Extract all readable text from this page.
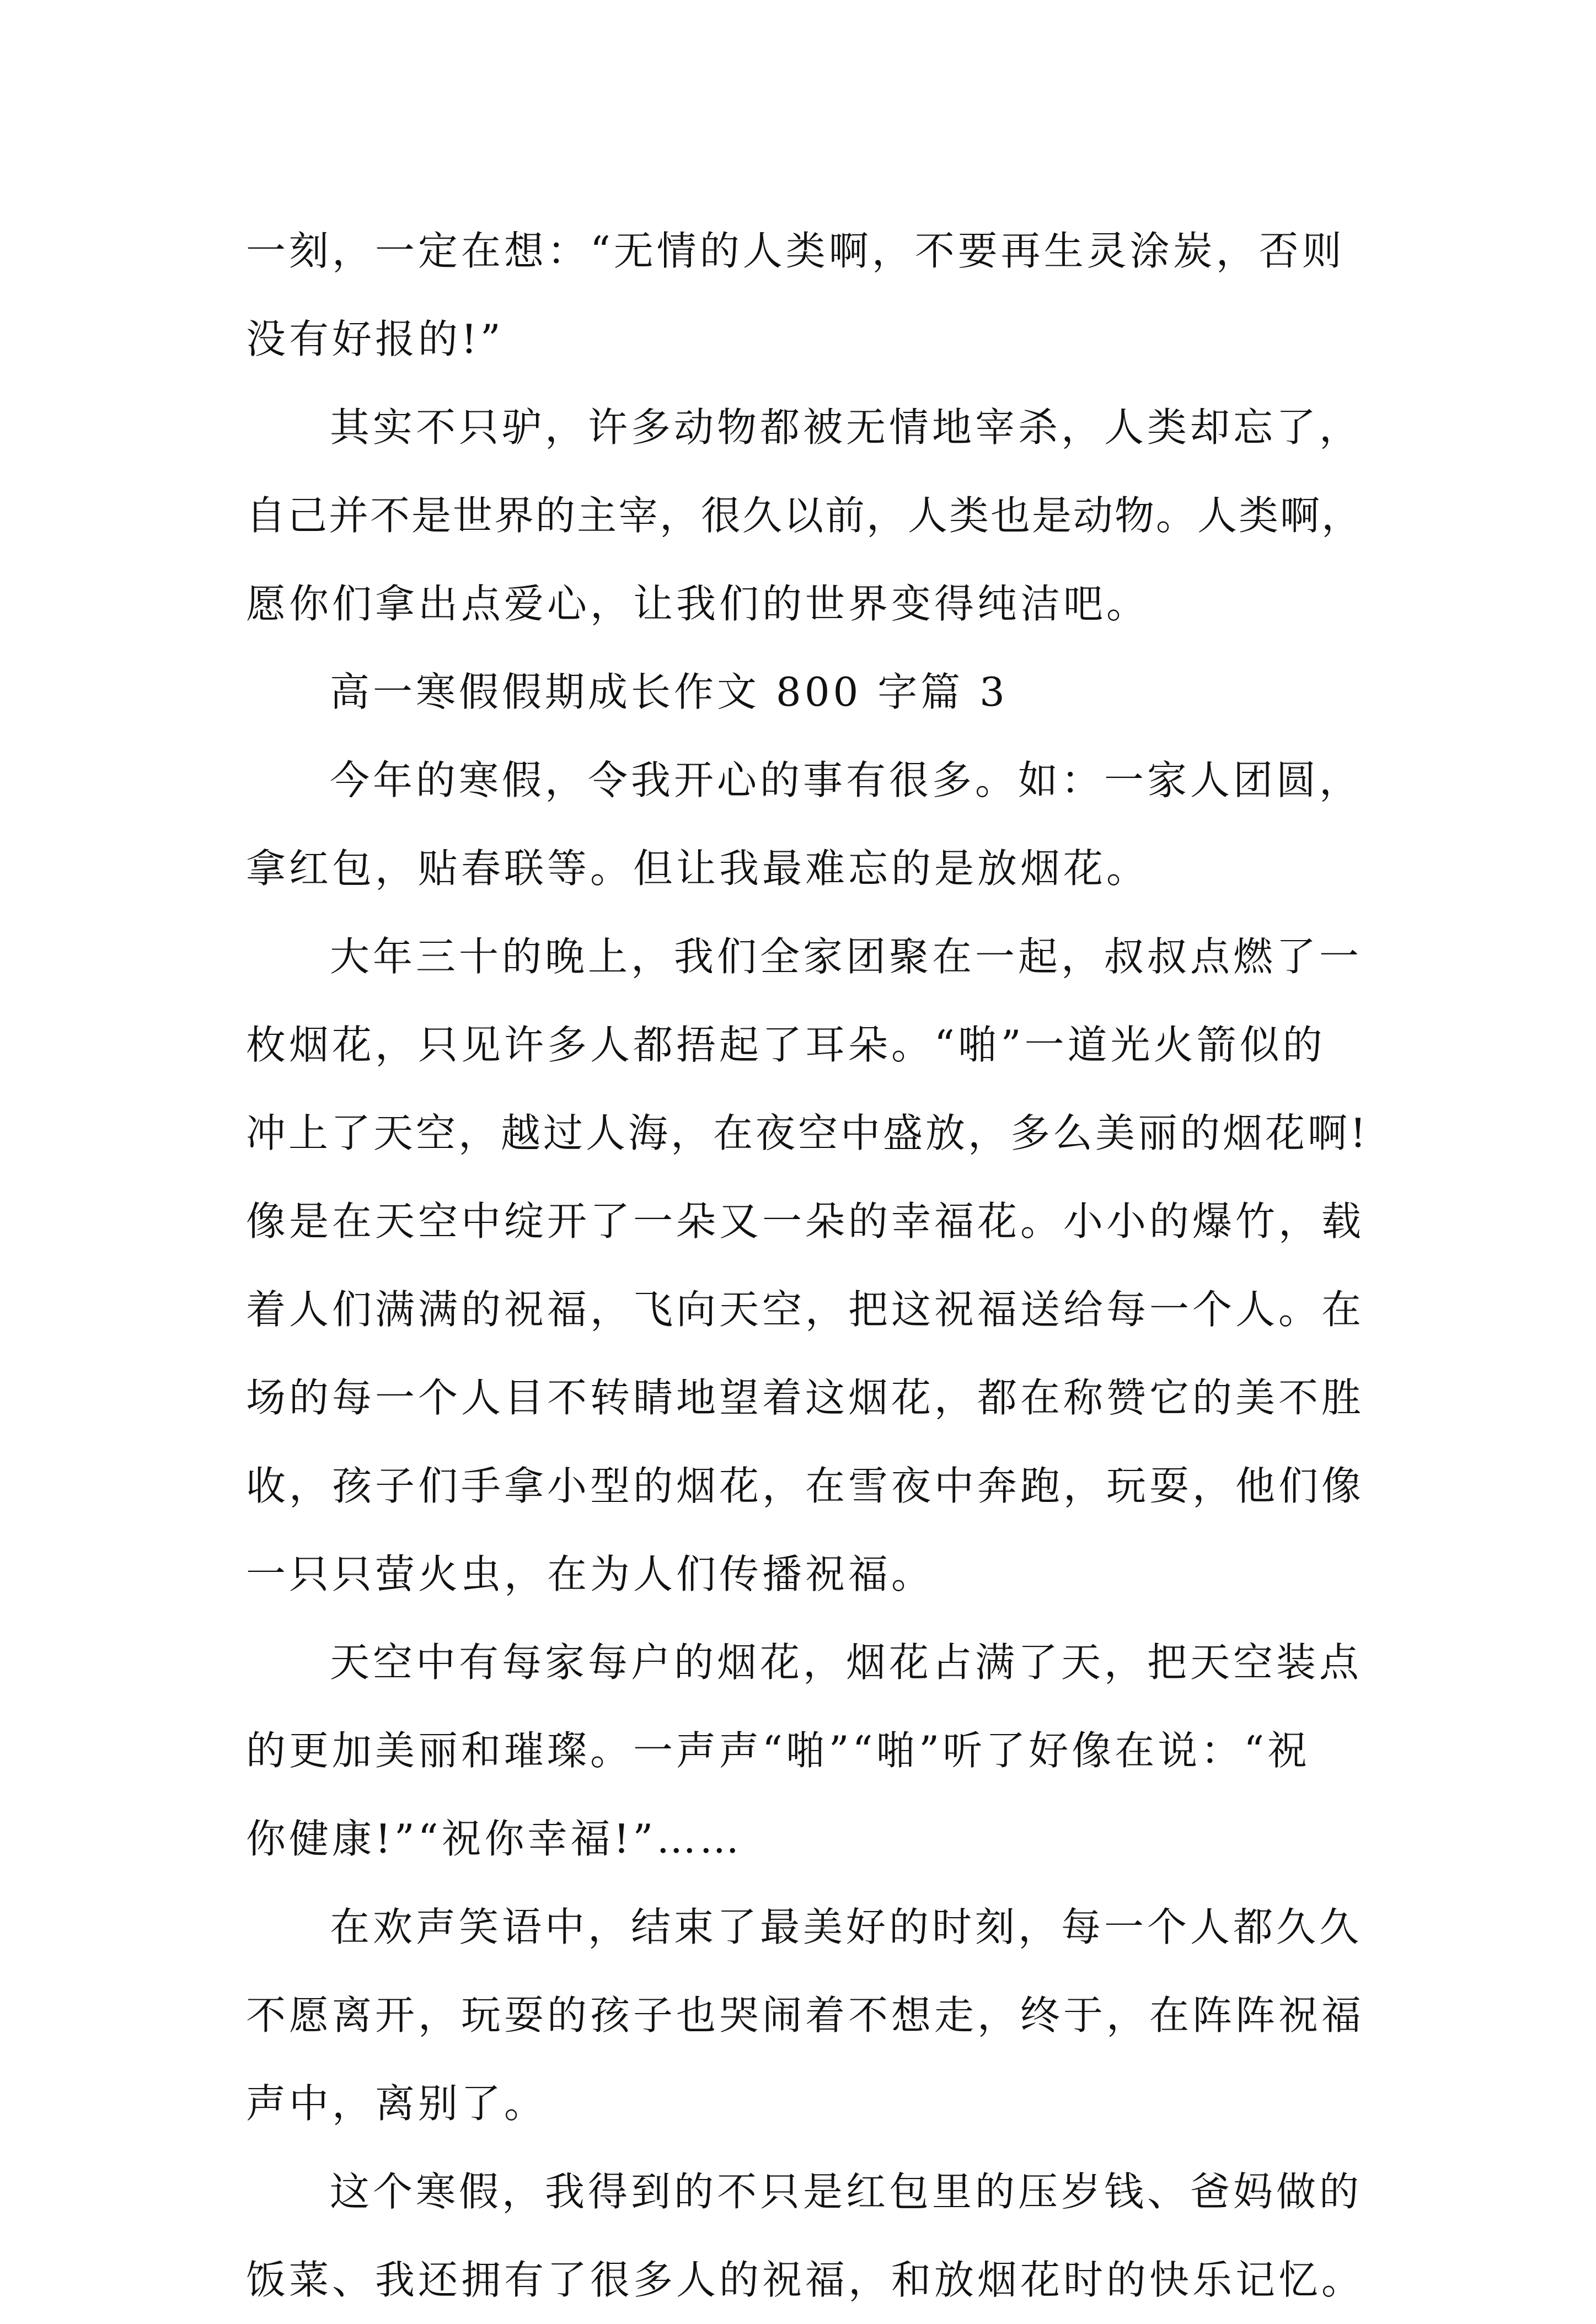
一刻，一定在想：“无情的人类啊，不要再生灵涂炭，否则
没有好报的!”
其实不只驴，许多动物都被无情地宰杀，人类却忘了，
自己并不是世界的主宰，很久以前，人类也是动物。人类啊，
愿你们拿出点爱心，让我们的世界变得纯洁吧。
高一寒假假期成长作文 800 字篇 3
今年的寒假，令我开心的事有很多。如：一家人团圆，
拿红包，贴春联等。但让我最难忘的是放烟花。
大年三十的晚上，我们全家团聚在一起，叔叔点燃了一
枚烟花，只见许多人都捂起了耳朵。“啪”一道光火箭似的
冲上了天空，越过人海，在夜空中盛放，多么美丽的烟花啊!
像是在天空中绽开了一朵又一朵的幸福花。小小的爆竹，载
着人们满满的祝福，飞向天空，把这祝福送给每一个人。在
场的每一个人目不转睛地望着这烟花，都在称赞它的美不胜
收，孩子们手拿小型的烟花，在雪夜中奔跑，玩耍，他们像
一只只萤火虫，在为人们传播祝福。
天空中有每家每户的烟花，烟花占满了天，把天空装点
的更加美丽和璀璨。一声声“啪”“啪”听了好像在说：“祝
你健康!”“祝你幸福!”……
在欢声笑语中，结束了最美好的时刻，每一个人都久久
不愿离开，玩耍的孩子也哭闹着不想走，终于，在阵阵祝福
声中，离别了。
这个寒假，我得到的不只是红包里的压岁钱、爸妈做的
饭菜、我还拥有了很多人的祝福，和放烟花时的快乐记忆。
